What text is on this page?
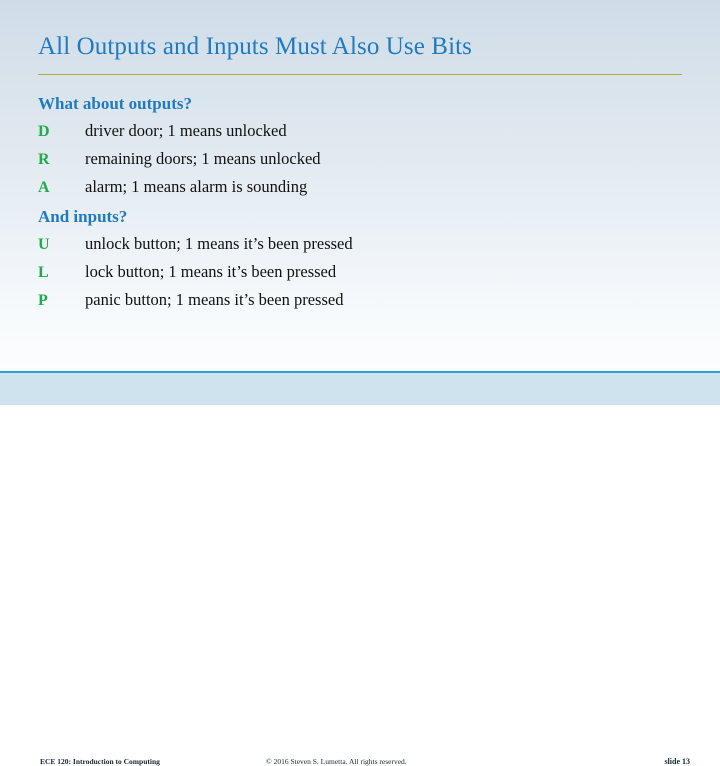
All Outputs and Inputs Must Also Use Bits
What about outputs?
D	driver door; 1 means unlocked
R	remaining doors; 1 means unlocked
A	alarm; 1 means alarm is sounding
And inputs?
U	unlock button; 1 means it’s been pressed
L	lock button; 1 means it’s been pressed
P	panic button; 1 means it’s been pressed
ECE 120: Introduction to Computing	© 2016 Steven S. Lumetta. All rights reserved.	slide 13
